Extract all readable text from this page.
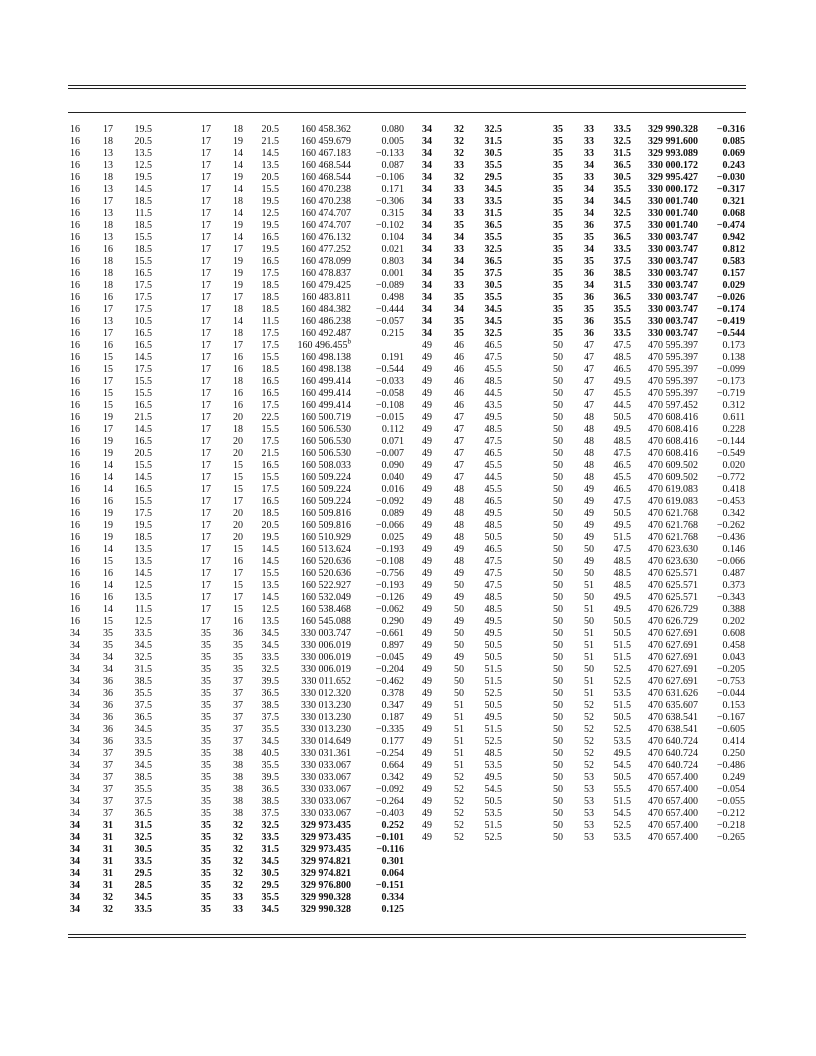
16 17 19.5	17 18 20.5 160 458.362	0.080
16 18 20.5	17 19 21.5 160 459.679	0.005
16 13 13.5	17 14 14.5 160 467.183 −0.133
16 13 12.5	17 14 13.5 160 468.544	0.087
16 18 19.5	17 19 20.5 160 468.544 −0.106
16 13 14.5	17 14 15.5 160 470.238	0.171
16 17 18.5	17 18 19.5 160 470.238 −0.306
16 13 11.5	17 14 12.5 160 474.707	0.315
16 18 18.5	17 19 19.5 160 474.707 −0.102
16 13 15.5	17 14 16.5 160 476.132	0.104
16 16 18.5	17 17 19.5 160 477.252	0.021
16 18 15.5	17 19 16.5 160 478.099	0.803
16 18 16.5	17 19 17.5 160 478.837	0.001
16 18 17.5	17 19 18.5 160 479.425 −0.089
16 16 17.5	17 17 18.5 160 483.811	0.498
16 17 17.5	17 18 18.5 160 484.382 −0.444
16 13 10.5	17 14 11.5 160 486.238 −0.057
16 17 16.5	17 18 17.5 160 492.487	0.215
16 16 16.5	17 17 17.5 160 496.455$^b$
16 15 14.5	17 16 15.5 160 498.138	0.191
16 15 17.5	17 16 18.5 160 498.138 −0.544
16 17 15.5	17 18 16.5 160 499.414 −0.033
16 15 15.5	17 16 16.5 160 499.414 −0.058
16 15 16.5	17 16 17.5 160 499.414 −0.108
16 19 21.5	17 20 22.5 160 500.719 −0.015
16 17 14.5	17 18 15.5 160 506.530	0.112
16 19 16.5	17 20 17.5 160 506.530	0.071
16 19 20.5	17 20 21.5 160 506.530 −0.007
16 14 15.5	17 15 16.5 160 508.033	0.090
16 14 14.5	17 15 15.5 160 509.224	0.040
16 14 16.5	17 15 17.5 160 509.224	0.016
16 16 15.5	17 17 16.5 160 509.224 −0.092
16 19 17.5	17 20 18.5 160 509.816	0.089
16 19 19.5	17 20 20.5 160 509.816 −0.066
16 19 18.5	17 20 19.5 160 510.929	0.025
16 14 13.5	17 15 14.5 160 513.624 −0.193
16 15 13.5	17 16 14.5 160 520.636 −0.108
16 16 14.5	17 17 15.5 160 520.636 −0.756
16 14 12.5	17 15 13.5 160 522.927 −0.193
16 16 13.5	17 17 14.5 160 532.049 −0.126
16 14 11.5	17 15 12.5 160 538.468 −0.062
16 15 12.5	17 16 13.5 160 545.088	0.290
34 35 33.5	35 36 34.5 330 003.747 −0.661
34 35 34.5	35 35 34.5 330 006.019	0.897
34 34 32.5	35 35 33.5 330 006.019 −0.045
34 34 31.5	35 35 32.5 330 006.019 −0.204
34 36 38.5	35 37 39.5 330 011.652 −0.462
34 36 35.5	35 37 36.5 330 012.320	0.378
34 36 37.5	35 37 38.5 330 013.230	0.347
34 36 36.5	35 37 37.5 330 013.230	0.187
34 36 34.5	35 37 35.5 330 013.230 −0.335
34 36 33.5	35 37 34.5 330 014.649	0.177
34 37 39.5	35 38 40.5 330 031.361 −0.254
34 37 34.5	35 38 35.5 330 033.067	0.664
34 37 38.5	35 38 39.5 330 033.067	0.342
34 37 35.5	35 38 36.5 330 033.067 −0.092
34 37 37.5	35 38 38.5 330 033.067 −0.264
34 37 36.5	35 38 37.5 330 033.067 −0.403
34 31 31.5	35 32 32.5 329 973.435	0.252
34 31 32.5	35 32 33.5 329 973.435 −0.101
34 31 30.5	35 32 31.5 329 973.435	−0.116
34 31 33.5	35 32 34.5 329 974.821	0.301
34 31 29.5	35 32 30.5 329 974.821	0.064
34 31 28.5	35 32 29.5 329 976.800 −0.151
34 32 34.5	35 33 35.5 329 990.328	0.334
34 32 33.5	35 33 34.5 329 990.328	0.125
34 32 32.5	35 33 33.5 329 990.328 −0.316
34 32 31.5	35 33 32.5 329 991.600 0.085
34 32 30.5	35 33 31.5 329 993.089 0.069
34 33 35.5	35 34 36.5 330 000.172 0.243
34 32 29.5	35 33 30.5 329 995.427 −0.030
34 33 34.5	35 34 35.5 330 000.172 −0.317
34 33 33.5	35 34 34.5 330 001.740 0.321
34 33 31.5	35 34 32.5 330 001.740 0.068
34 35 36.5	35 36 37.5 330 001.740 −0.474
34 34 35.5	35 35 36.5 330 003.747 0.942
34 33 32.5	35 34 33.5 330 003.747 0.812
34 34 36.5	35 35 37.5 330 003.747 0.583
34 35 37.5	35 36 38.5 330 003.747 0.157
34 33 30.5	35 34 31.5 330 003.747 0.029
34 35 35.5	35 36 36.5 330 003.747 −0.026
34 34 34.5	35 35 35.5 330 003.747 −0.174
34 35 34.5	35 36 35.5 330 003.747 −0.419
34 35 32.5	35 36 33.5 330 003.747 −0.544
49 46 46.5	50 47 47.5 470 595.397 0.173
49 46 47.5	50 47 48.5 470 595.397 0.138
49 46 45.5	50 47 46.5 470 595.397 −0.099
49 46 48.5	50 47 49.5 470 595.397 −0.173
49 46 44.5	50 47 45.5 470 595.397 −0.719
49 46 43.5	50 47 44.5 470 597.452 0.312
49 47 49.5	50 48 50.5 470 608.416 0.611
49 47 48.5	50 48 49.5 470 608.416 0.228
49 47 47.5	50 48 48.5 470 608.416 −0.144
49 47 46.5	50 48 47.5 470 608.416 −0.549
49 47 45.5	50 48 46.5 470 609.502 0.020
49 47 44.5	50 48 45.5 470 609.502 −0.772
49 48 45.5	50 49 46.5 470 619.083 0.418
49 48 46.5	50 49 47.5 470 619.083 −0.453
49 48 49.5	50 49 50.5 470 621.768 0.342
49 48 48.5	50 49 49.5 470 621.768 −0.262
49 48 50.5	50 49 51.5 470 621.768 −0.436
49 49 46.5	50 50 47.5 470 623.630 0.146
49 48 47.5	50 49 48.5 470 623.630 −0.066
49 49 47.5	50 50 48.5 470 625.571 0.487
49 50 47.5	50 51 48.5 470 625.571 0.373
49 49 48.5	50 50 49.5 470 625.571 −0.343
49 50 48.5	50 51 49.5 470 626.729 0.388
49 49 49.5	50 50 50.5 470 626.729 0.202
49 50 49.5	50 51 50.5 470 627.691 0.608
49 50 50.5	50 51 51.5 470 627.691 0.458
49 49 50.5	50 51 51.5 470 627.691 0.043
49 50 51.5	50 50 52.5 470 627.691 −0.205
49 50 51.5	50 51 52.5 470 627.691 −0.753
49 50 52.5	50 51 53.5 470 631.626 −0.044
49 51 50.5	50 52 51.5 470 635.607 0.153
49 51 49.5	50 52 50.5 470 638.541 −0.167
49 51 51.5	50 52 52.5 470 638.541 −0.605
49 51 52.5	50 52 53.5 470 640.724 0.414
49 51 48.5	50 52 49.5 470 640.724 0.250
49 51 53.5	50 52 54.5 470 640.724 −0.486
49 52 49.5	50 53 50.5 470 657.400 0.249
49 52 54.5	50 53 55.5 470 657.400 −0.054
49 52 50.5	50 53 51.5 470 657.400 −0.055
49 52 53.5	50 53 54.5 470 657.400 −0.212
49 52 51.5	50 53 52.5 470 657.400 −0.218
49 52 52.5	50 53 53.5 470 657.400 −0.265
